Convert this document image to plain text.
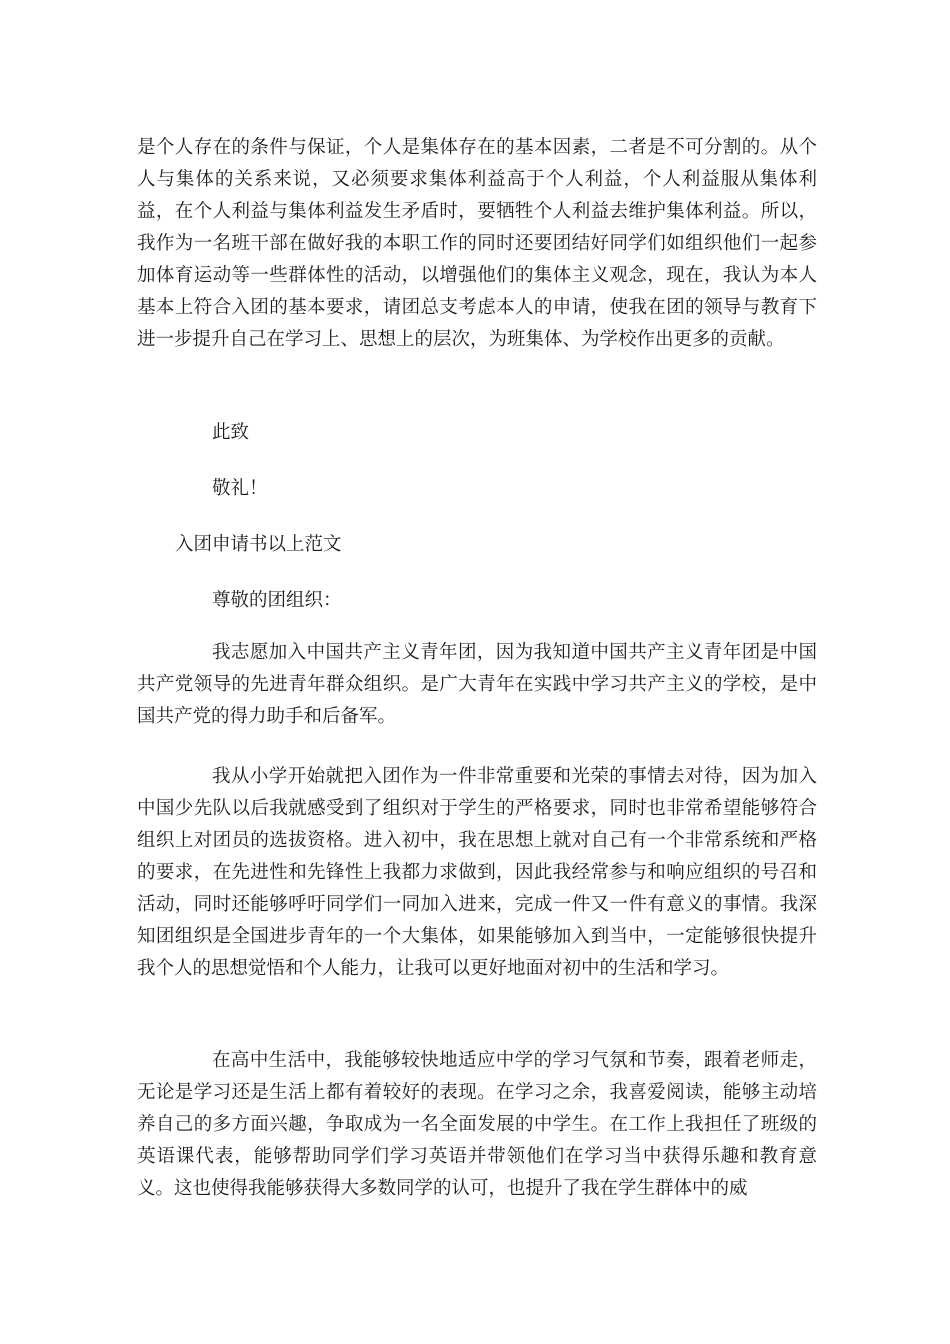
是个人存在的条件与保证，个人是集体存在的基本因素，二者是不可分割的。从个人与集体的关系来说，又必须要求集体利益高于个人利益，个人利益服从集体利益，在个人利益与集体利益发生矛盾时，要牺牲个人利益去维护集体利益。所以，我作为一名班干部在做好我的本职工作的同时还要团结好同学们如组织他们一起参加体育运动等一些群体性的活动，以增强他们的集体主义观念，现在，我认为本人基本上符合入团的基本要求，请团总支考虑本人的申请，使我在团的领导与教育下进一步提升自己在学习上、思想上的层次，为班集体、为学校作出更多的贡献。

此致

敬礼！

入团申请书以上范文

尊敬的团组织：

我志愿加入中国共产主义青年团，因为我知道中国共产主义青年团是中国共产党领导的先进青年群众组织。是广大青年在实践中学习共产主义的学校，是中国共产党的得力助手和后备军。

我从小学开始就把入团作为一件非常重要和光荣的事情去对待，因为加入中国少先队以后我就感受到了组织对于学生的严格要求，同时也非常希望能够符合组织上对团员的选拔资格。进入初中，我在思想上就对自己有一个非常系统和严格的要求，在先进性和先锋性上我都力求做到，因此我经常参与和响应组织的号召和活动，同时还能够呼吁同学们一同加入进来，完成一件又一件有意义的事情。我深知团组织是全国进步青年的一个大集体，如果能够加入到当中，一定能够很快提升我个人的思想觉悟和个人能力，让我可以更好地面对初中的生活和学习。

在高中生活中，我能够较快地适应中学的学习气氛和节奏，跟着老师走，无论是学习还是生活上都有着较好的表现。在学习之余，我喜爱阅读，能够主动培养自己的多方面兴趣，争取成为一名全面发展的中学生。在工作上我担任了班级的英语课代表，能够帮助同学们学习英语并带领他们在学习当中获得乐趣和教育意义。这也使得我能够获得大多数同学的认可，也提升了我在学生群体中的威
